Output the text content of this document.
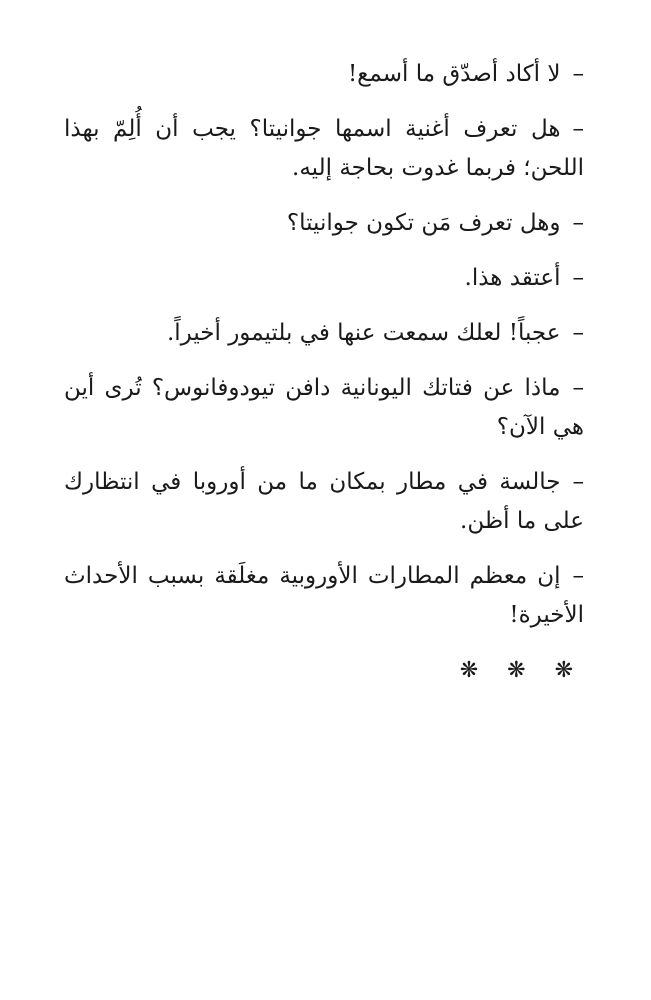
–لا أكاد أصدّق ما أسمع!

–هل تعرف أغنية اسمها جوانيتا؟ يجب أن أُلِمّ بهذا اللحن؛ فربما غدوت بحاجة إليه.

–وهل تعرف مَن تكون جوانيتا؟

–أعتقد هذا.

–عجباً! لعلك سمعت عنها في بلتيمور أخيراً.

–ماذا عن فتاتك اليونانية دافن تيودوفانوس؟ تُرى أين هي الآن؟

–جالسة في مطار بمكان ما من أوروبا في انتظارك على ما أظن.

–إن معظم المطارات الأوروبية مغلَقة بسبب الأحداث الأخيرة!

❋ ❋ ❋
